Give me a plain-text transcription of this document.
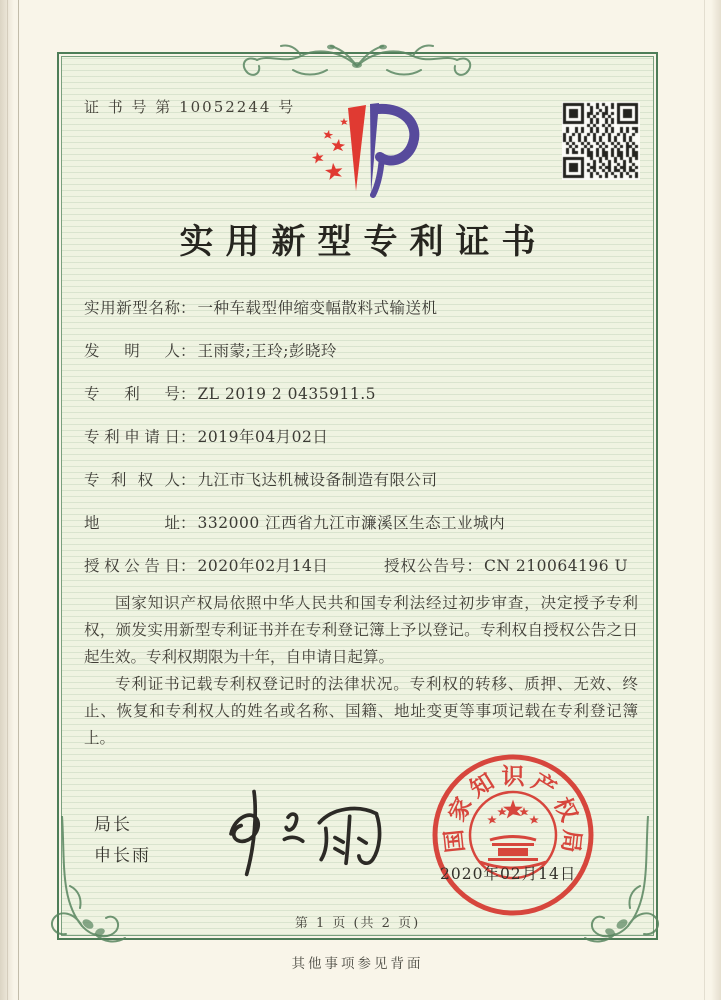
证 书 号 第 10052244 号
实用新型专利证书
实用新型名称： 一种车载型伸缩变幅散料式输送机
发明人： 王雨蒙;王玲;彭晓玲
专利号： ZL 2019 2 0435911.5
专利申请日： 2019年04月02日
专利权人： 九江市飞达机械设备制造有限公司
地址： 332000 江西省九江市濂溪区生态工业城内
授权公告日： 2020年02月14日	授权公告号： CN 210064196 U

国家知识产权局依照中华人民共和国专利法经过初步审查，决定授予专利权，颁发实用新型专利证书并在专利登记簿上予以登记。专利权自授权公告之日起生效。专利权期限为十年，自申请日起算。

专利证书记载专利权登记时的法律状况。专利权的转移、质押、无效、终止、恢复和专利权人的姓名或名称、国籍、地址变更等事项记载在专利登记簿上。

局长
申长雨
国
家
知 识 产
权
局
2020年02月14日
第 1 页 (共 2 页)
其他事项参见背面
